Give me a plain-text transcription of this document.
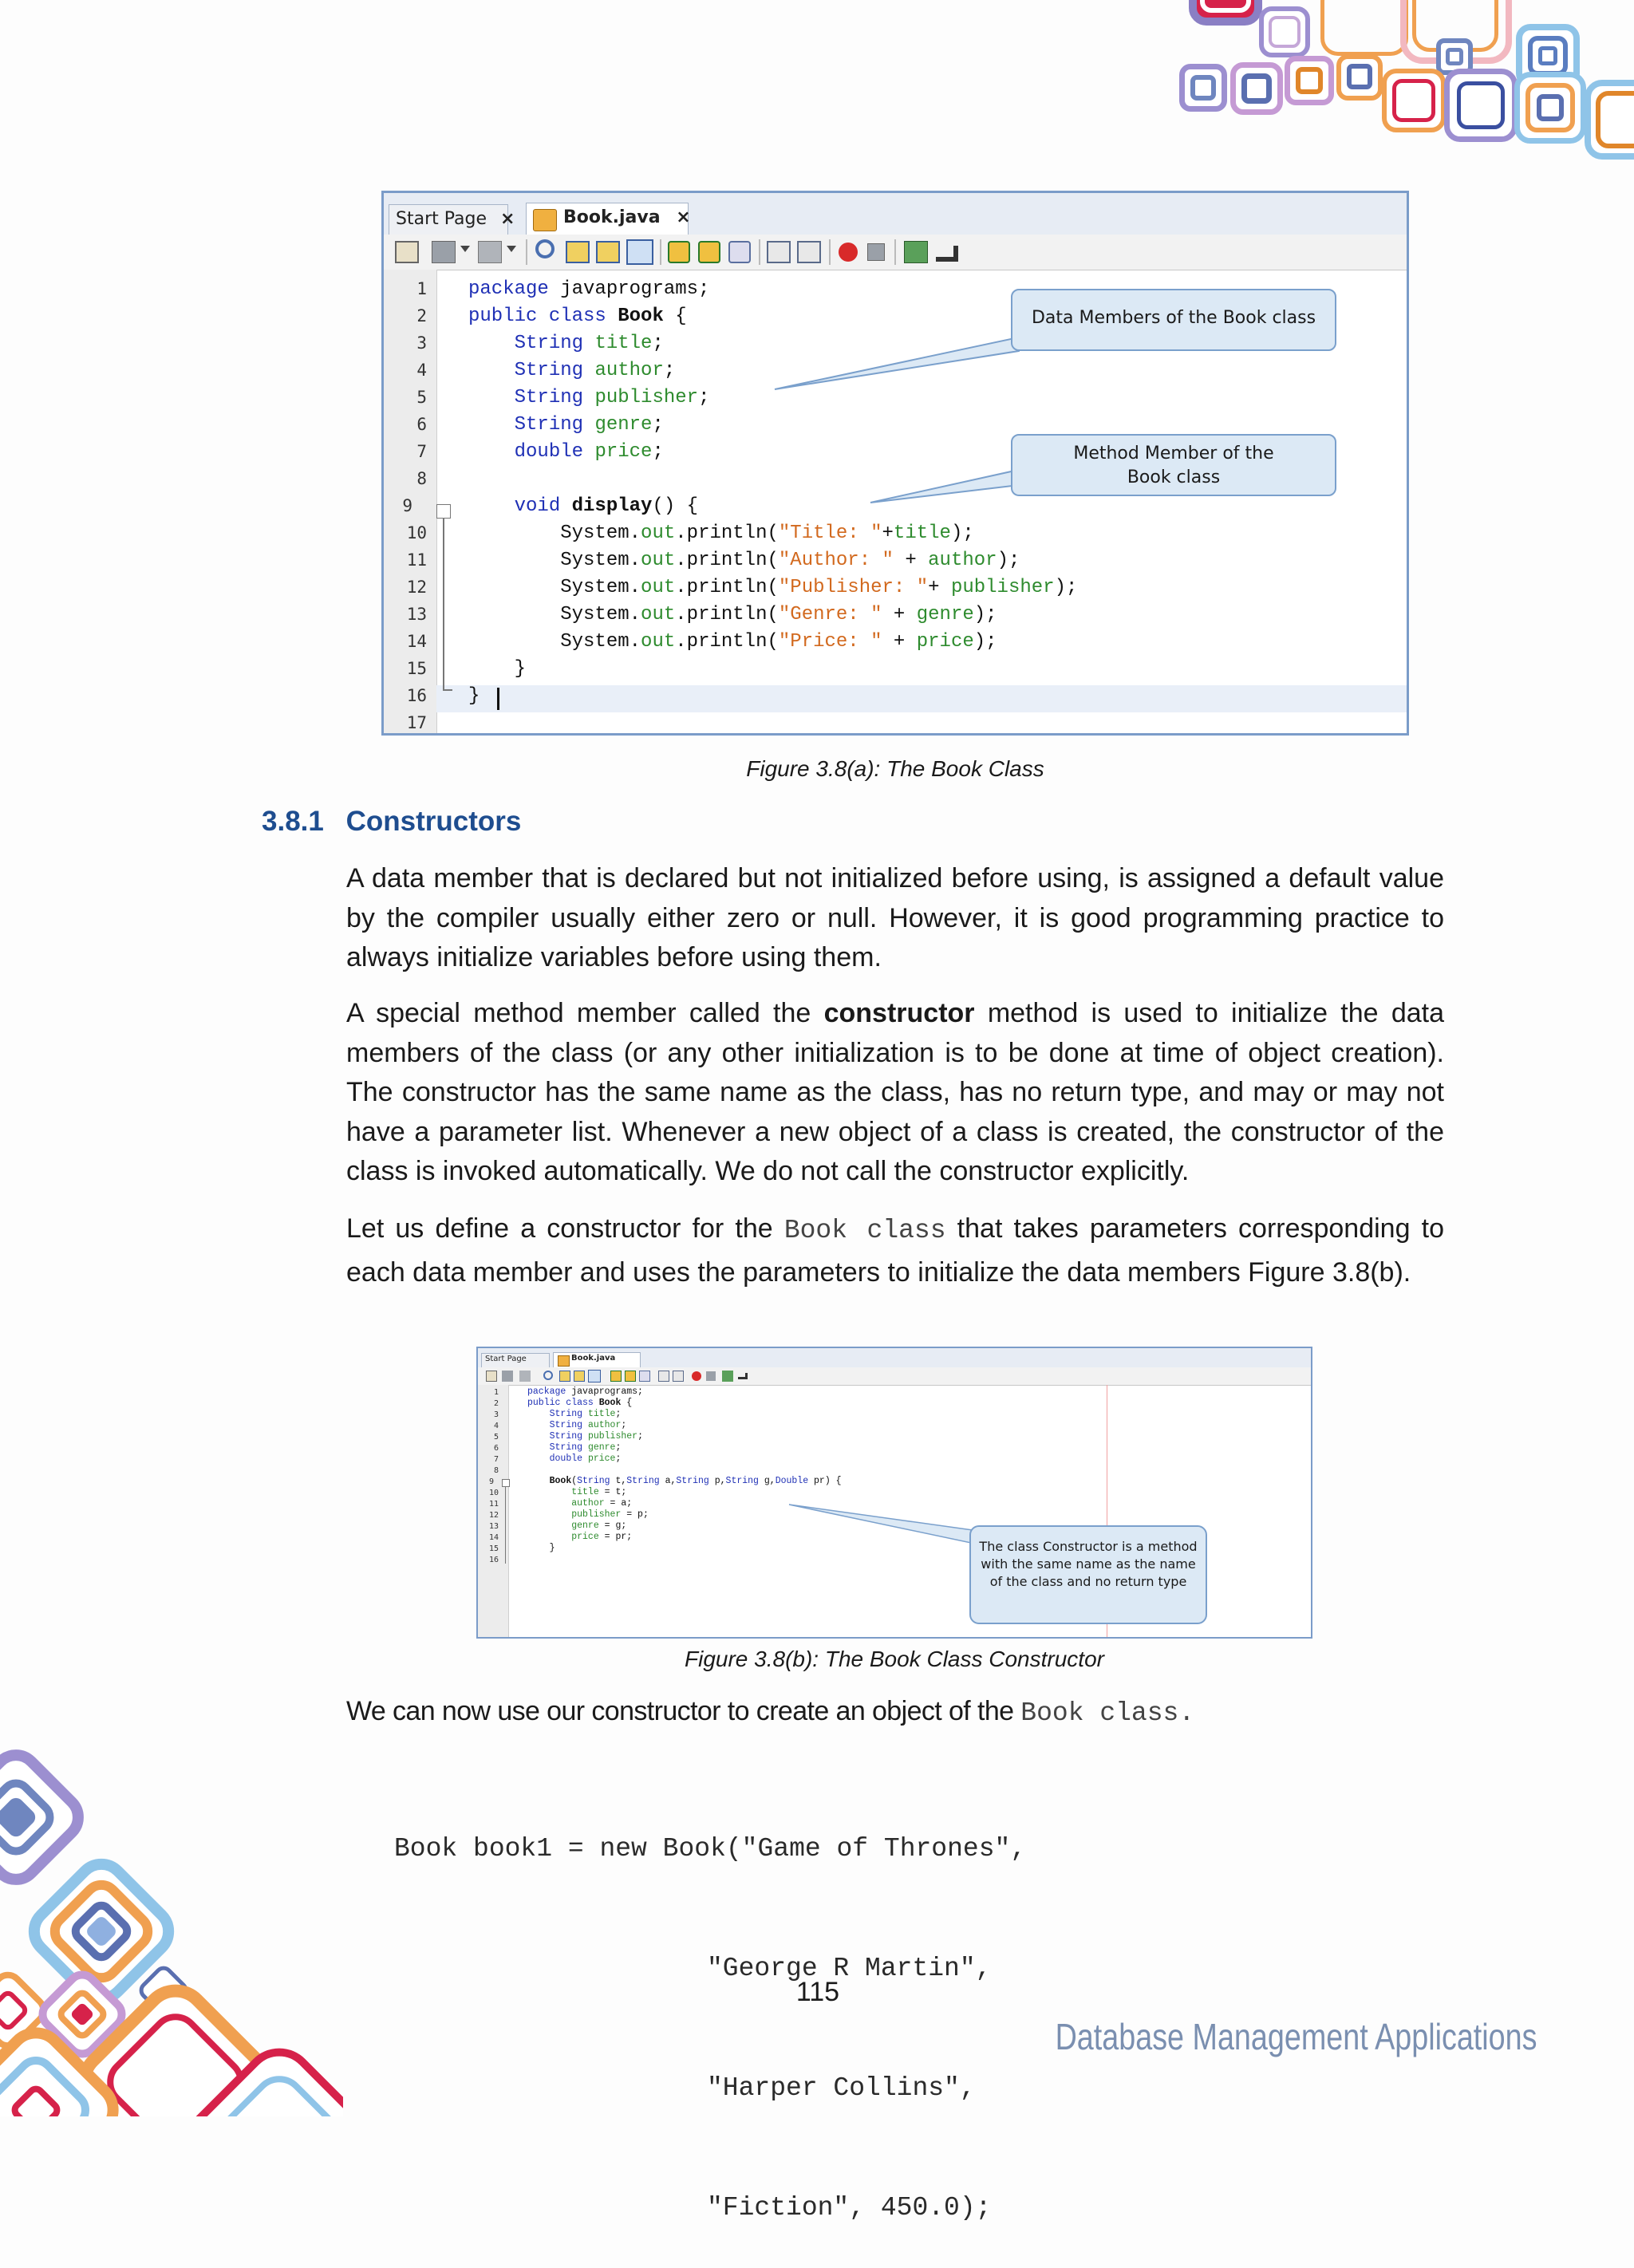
Start Page ×	Book.java ×
1
2
3
4
5
6
7
8
9
10
11
12
13
14
15
16
17
package javaprograms;
public class Book {
String title;
String author;
String publisher;
String genre;
double price;

void display() {
System.out.println("Title: "+title);
System.out.println("Author: " + author);
System.out.println("Publisher: "+ publisher);
System.out.println("Genre: " + genre);
System.out.println("Price: " + price);
}
}
Data Members of the Book class
Method Member of the Book class
Figure 3.8(a): The Book Class
3.8.1 Constructors
A data member that is declared but not initialized before using, is assigned a default value by the compiler usually either zero or null. However, it is good programming practice to always initialize variables before using them.
A special method member called the constructor method is used to initialize the data members of the class (or any other initialization is to be done at time of object creation). The constructor has the same name as the class, has no return type, and may or may not have a parameter list. Whenever a new object of a class is created, the constructor of the class is invoked automatically. We do not call the constructor explicitly.
Let us define a constructor for the Book class that takes parameters corresponding to each data member and uses the parameters to initialize the data members Figure 3.8(b).
Start Page	Book.java
1
2
3
4
5
6
7
8
9
10
11
12
13
14
15
16
package javaprograms;
public class Book {
String title;
String author;
String publisher;
String genre;
double price;

Book(String t,String a,String p,String g,Double pr) {
title = t;
author = a;
publisher = p;
genre = g;
price = pr;
}	The class Constructor is a method with the same name as the name of the class and no return type
Figure 3.8(b): The Book Class Constructor
We can now use our constructor to create an object of the Book class.

Book book1 = new Book("Game of Thrones",

"George R Martin",

"Harper Collins",

"Fiction", 450.0);

115
Database Management Applications
